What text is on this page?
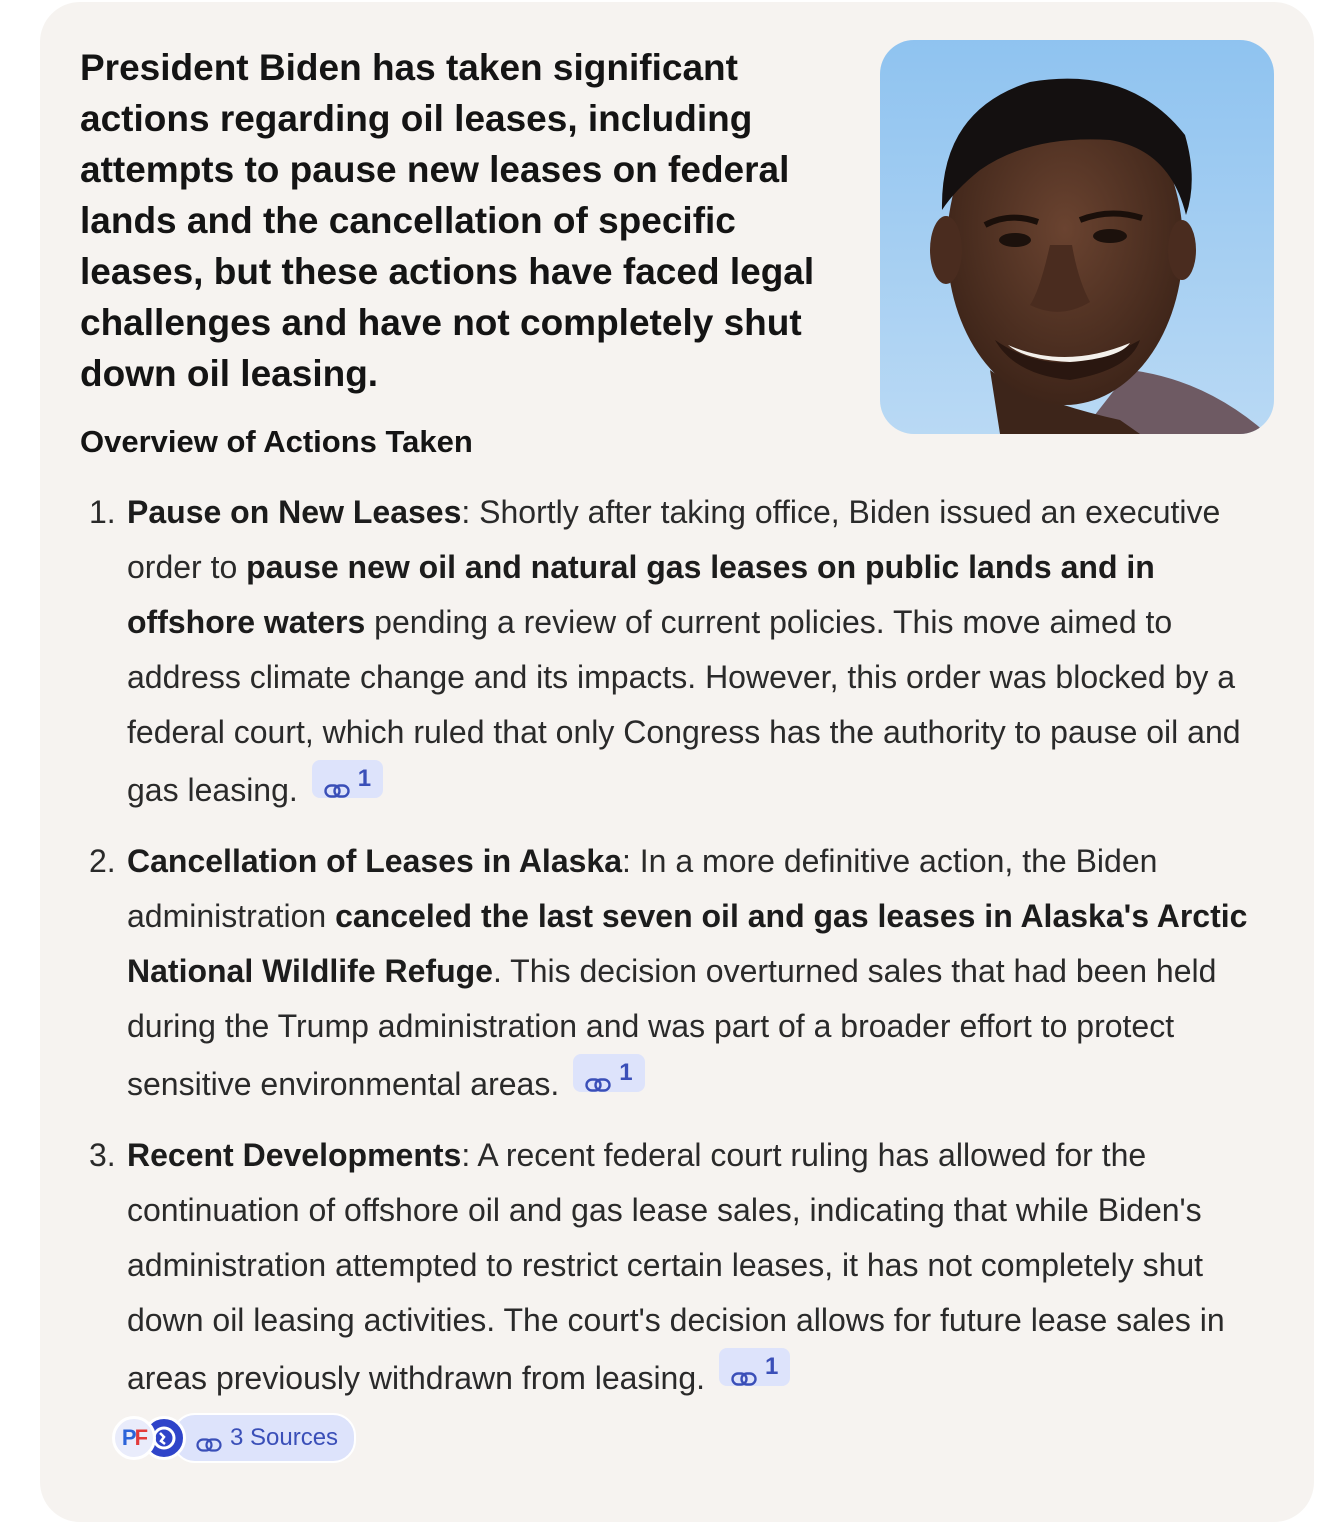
President Biden has taken significant actions regarding oil leases, including attempts to pause new leases on federal lands and the cancellation of specific leases, but these actions have faced legal challenges and have not completely shut down oil leasing.

Overview of Actions Taken

1. Pause on New Leases: Shortly after taking office, Biden issued an executive order to pause new oil and natural gas leases on public lands and in offshore waters pending a review of current policies. This move aimed to address climate change and its impacts. However, this order was blocked by a federal court, which ruled that only Congress has the authority to pause oil and gas leasing.	1
2. Cancellation of Leases in Alaska: In a more definitive action, the Biden administration canceled the last seven oil and gas leases in Alaska's Arctic National Wildlife Refuge. This decision overturned sales that had been held during the Trump administration and was part of a broader effort to protect sensitive environmental areas.	1
3. Recent Developments: A recent federal court ruling has allowed for the continuation of offshore oil and gas lease sales, indicating that while Biden's administration attempted to restrict certain leases, it has not completely shut down oil leasing activities. The court's decision allows for future lease sales in areas previously withdrawn from leasing.	1
P F	3 Sources
